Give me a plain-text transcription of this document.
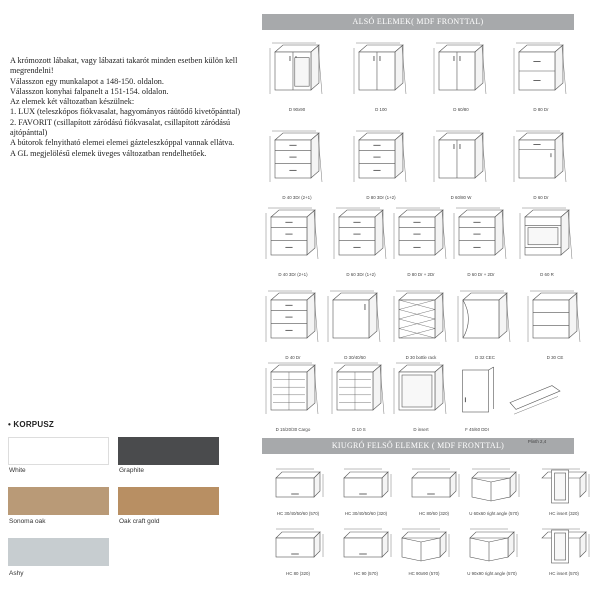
A krómozott lábakat, vagy lábazati takarót minden esetben külön kell megrendelni!

Válasszon egy munkalapot a 148-150. oldalon.

Válasszon konyhai falpanelt a 151-154. oldalon.

Az elemek két változatban készülnek:

1. LUX (teleszkópos fiókvasalat, hagyományos ráütődő kivetőpánttal)

2. FAVORIT (csillapított záródású fiókvasalat, csillapított záródású ajtópánttal)

A bútorok felnyitható elemei elemei gázteleszkóppal vannak ellátva.

A GL megjelölésű elemek üveges változatban rendelhetőek.

• KORPUSZ
White	Graphite
Sonoma oak	Oak craft gold
Ashy
ALSÓ ELEMEK( MDF FRONTTAL)
KIUGRÓ FELSŐ ELEMEK ( MDF FRONTTAL)
D 90x90	D 100	D 60/80	D 80 Dr
D 40 3Dr (2+1)	D 80 3Dr (1+2)	D 60/80 W	D 60 Dr
D 40 3Dr (2+1)	D 60 3Dr (1+2)	D 80 Dr + 2Dr	D 60 Dr + 2Dr	D 60 R
D 40 Dr	D 30/40/50	D 30 bottle rack	D 32 CEC	D 30 CE
D 15/20/30 Cargo	D 10 S	D insert	F 45/60 DDI
Plinth 2,4
HC 30/40/50/60 (570)	HC 30/40/50/60 (320)	HC 80/60 (320)	U 60x60 right angle (570)	HC insert (320)
HC 80 (320)	HC 90 (570)	HC 90x90 (570)	U 90x90 right angle (570)	HC insert (570)
